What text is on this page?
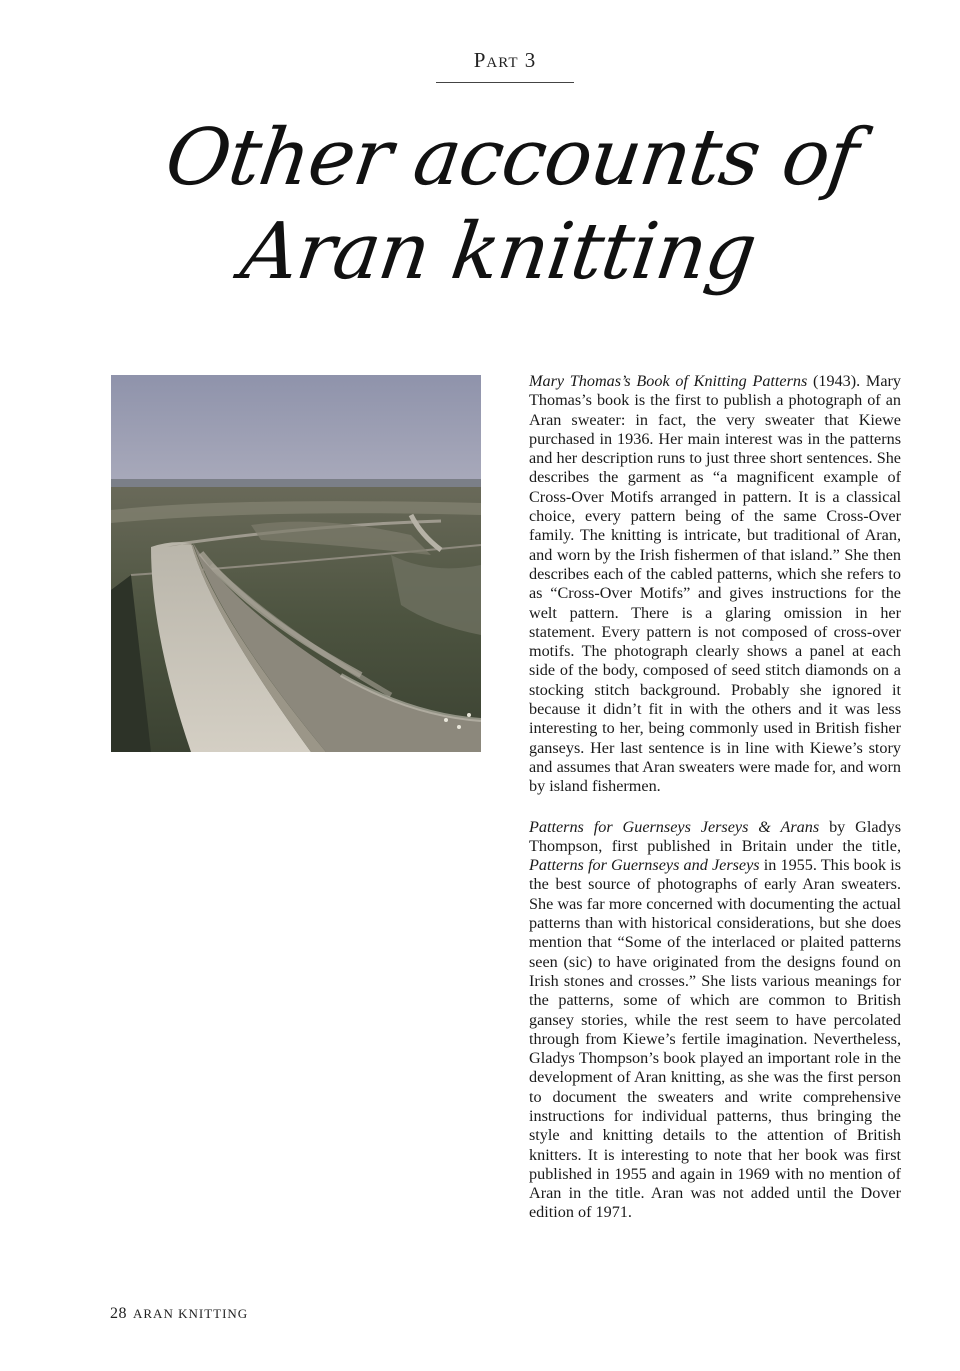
Part 3
Other accounts of Aran knitting

Mary Thomas’s Book of Knitting Patterns (1943). Mary Thomas’s book is the first to publish a photograph of an Aran sweater: in fact, the very sweater that Kiewe purchased in 1936. Her main interest was in the patterns and her description runs to just three short sentences. She describes the garment as “a magnificent example of Cross-Over Motifs arranged in pattern. It is a classical choice, every pattern being of the same Cross-Over family. The knitting is intricate, but traditional of Aran, and worn by the Irish fishermen of that island.” She then describes each of the cabled patterns, which she refers to as “Cross-Over Motifs” and gives instructions for the welt pattern. There is a glaring omission in her statement. Every pattern is not composed of cross-over motifs. The photograph clearly shows a panel at each side of the body, composed of seed stitch diamonds on a stocking stitch background. Probably she ignored it because it didn’t fit in with the others and it was less interesting to her, being commonly used in British fisher ganseys. Her last sentence is in line with Kiewe’s story and assumes that Aran sweaters were made for, and worn by island fishermen.

Patterns for Guernseys Jerseys & Arans by Gladys Thompson, first published in Britain under the title, Patterns for Guernseys and Jerseys in 1955. This book is the best source of photographs of early Aran sweaters. She was far more concerned with documenting the actual patterns than with historical considerations, but she does mention that “Some of the interlaced or plaited patterns seen (sic) to have originated from the designs found on Irish stones and crosses.” She lists various meanings for the patterns, some of which are common to British gansey stories, while the rest seem to have percolated through from Kiewe’s fertile imagination. Nevertheless, Gladys Thompson’s book played an important role in the development of Aran knitting, as she was the first person to document the sweaters and write comprehensive instructions for individual patterns, thus bringing the style and knitting details to the attention of British knitters. It is interesting to note that her book was first published in 1955 and again in 1969 with no mention of Aran in the title. Aran was not added until the Dover edition of 1971.

28 ARAN KNITTING
